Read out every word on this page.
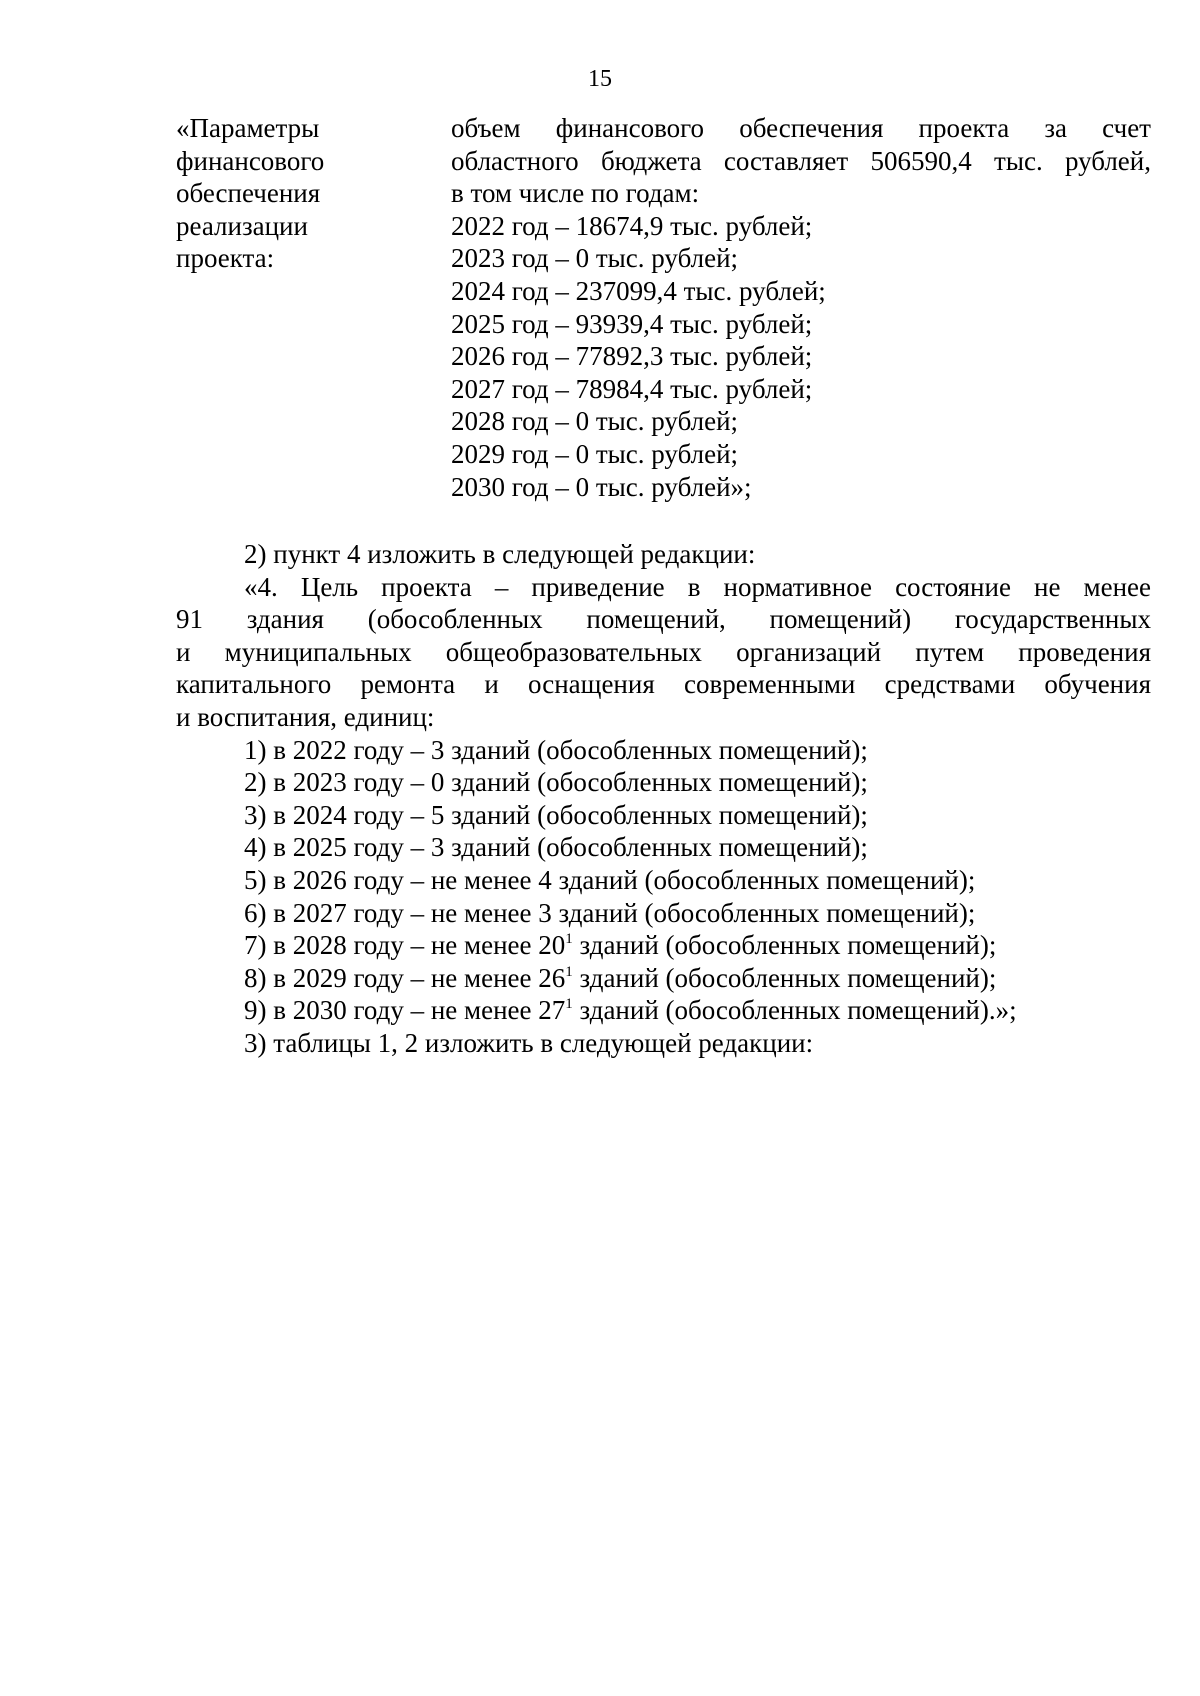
15
«Параметры
финансового
обеспечения
реализации
проекта:
объем финансового обеспечения проекта за счет
областного бюджета составляет 506590,4 тыс. рублей,
в том числе по годам:
2022 год – 18674,9 тыс. рублей;
2023 год – 0 тыс. рублей;
2024 год – 237099,4 тыс. рублей;
2025 год – 93939,4 тыс. рублей;
2026 год – 77892,3 тыс. рублей;
2027 год – 78984,4 тыс. рублей;
2028 год – 0 тыс. рублей;
2029 год – 0 тыс. рублей;
2030 год – 0 тыс. рублей»;
2) пункт 4 изложить в следующей редакции:
«4. Цель проекта – приведение в нормативное состояние не менее
91 здания (обособленных помещений, помещений) государственных
и муниципальных общеобразовательных организаций путем проведения
капитального ремонта и оснащения современными средствами обучения
и воспитания, единиц:
1) в 2022 году – 3 зданий (обособленных помещений);
2) в 2023 году – 0 зданий (обособленных помещений);
3) в 2024 году – 5 зданий (обособленных помещений);
4) в 2025 году – 3 зданий (обособленных помещений);
5) в 2026 году – не менее 4 зданий (обособленных помещений);
6) в 2027 году – не менее 3 зданий (обособленных помещений);
7) в 2028 году – не менее $20^1$ зданий (обособленных помещений);
8) в 2029 году – не менее $26^1$ зданий (обособленных помещений);
9) в 2030 году – не менее $27^1$ зданий (обособленных помещений).»;
3) таблицы 1, 2 изложить в следующей редакции:
